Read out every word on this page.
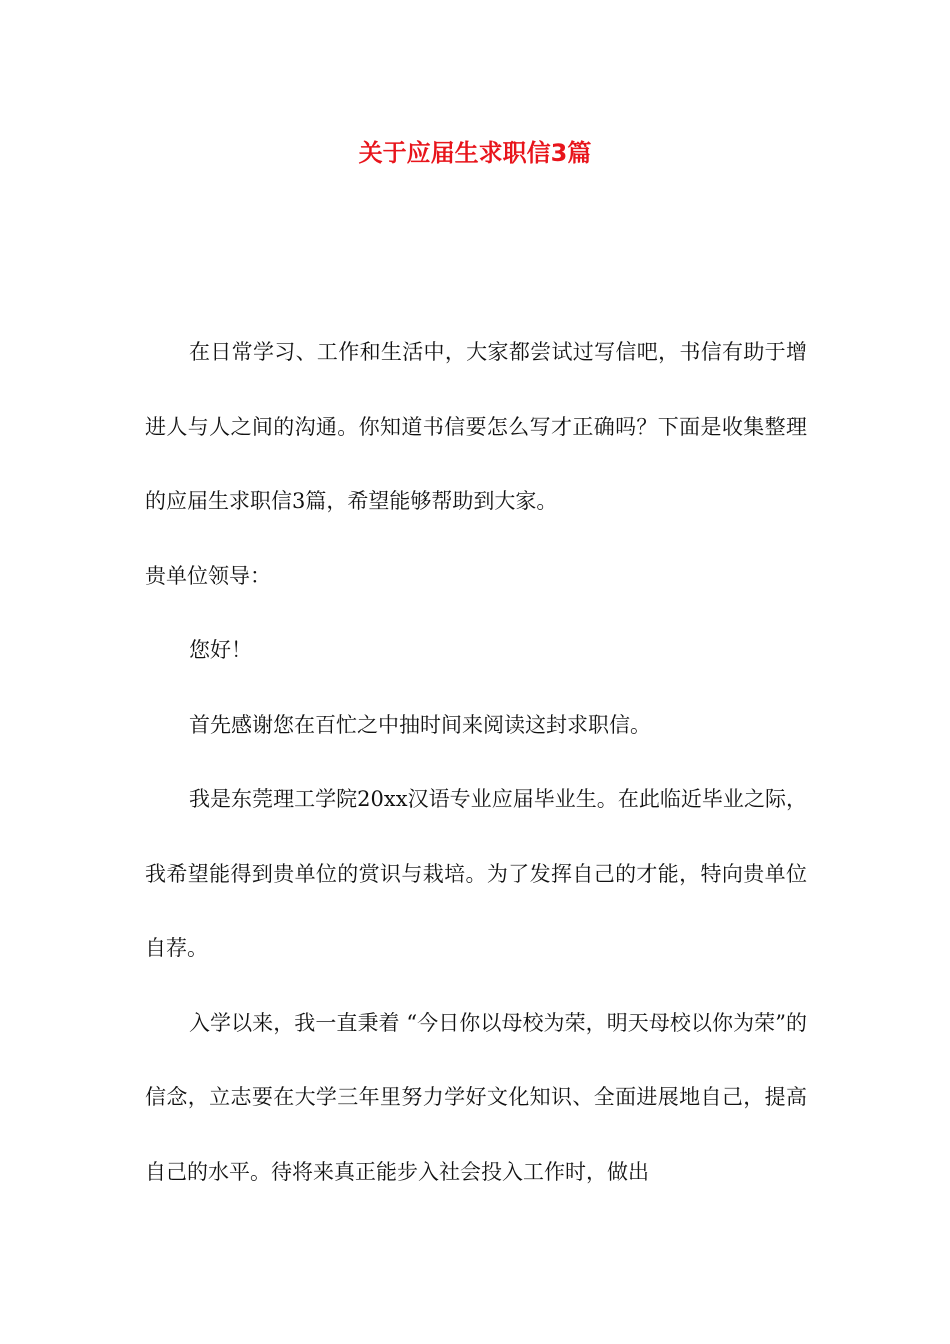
关于应届生求职信3篇

在日常学习、工作和生活中，大家都尝试过写信吧，书信有助于增进人与人之间的沟通。你知道书信要怎么写才正确吗？下面是收集整理的应届生求职信3篇，希望能够帮助到大家。

贵单位领导：

您好！

首先感谢您在百忙之中抽时间来阅读这封求职信。

我是东莞理工学院20xx汉语专业应届毕业生。在此临近毕业之际，我希望能得到贵单位的赏识与栽培。为了发挥自己的才能，特向贵单位自荐。

入学以来，我一直秉着 “今日你以母校为荣，明天母校以你为荣”的信念，立志要在大学三年里努力学好文化知识、全面进展地自己，提高自己的水平。待将来真正能步入社会投入工作时，做出
